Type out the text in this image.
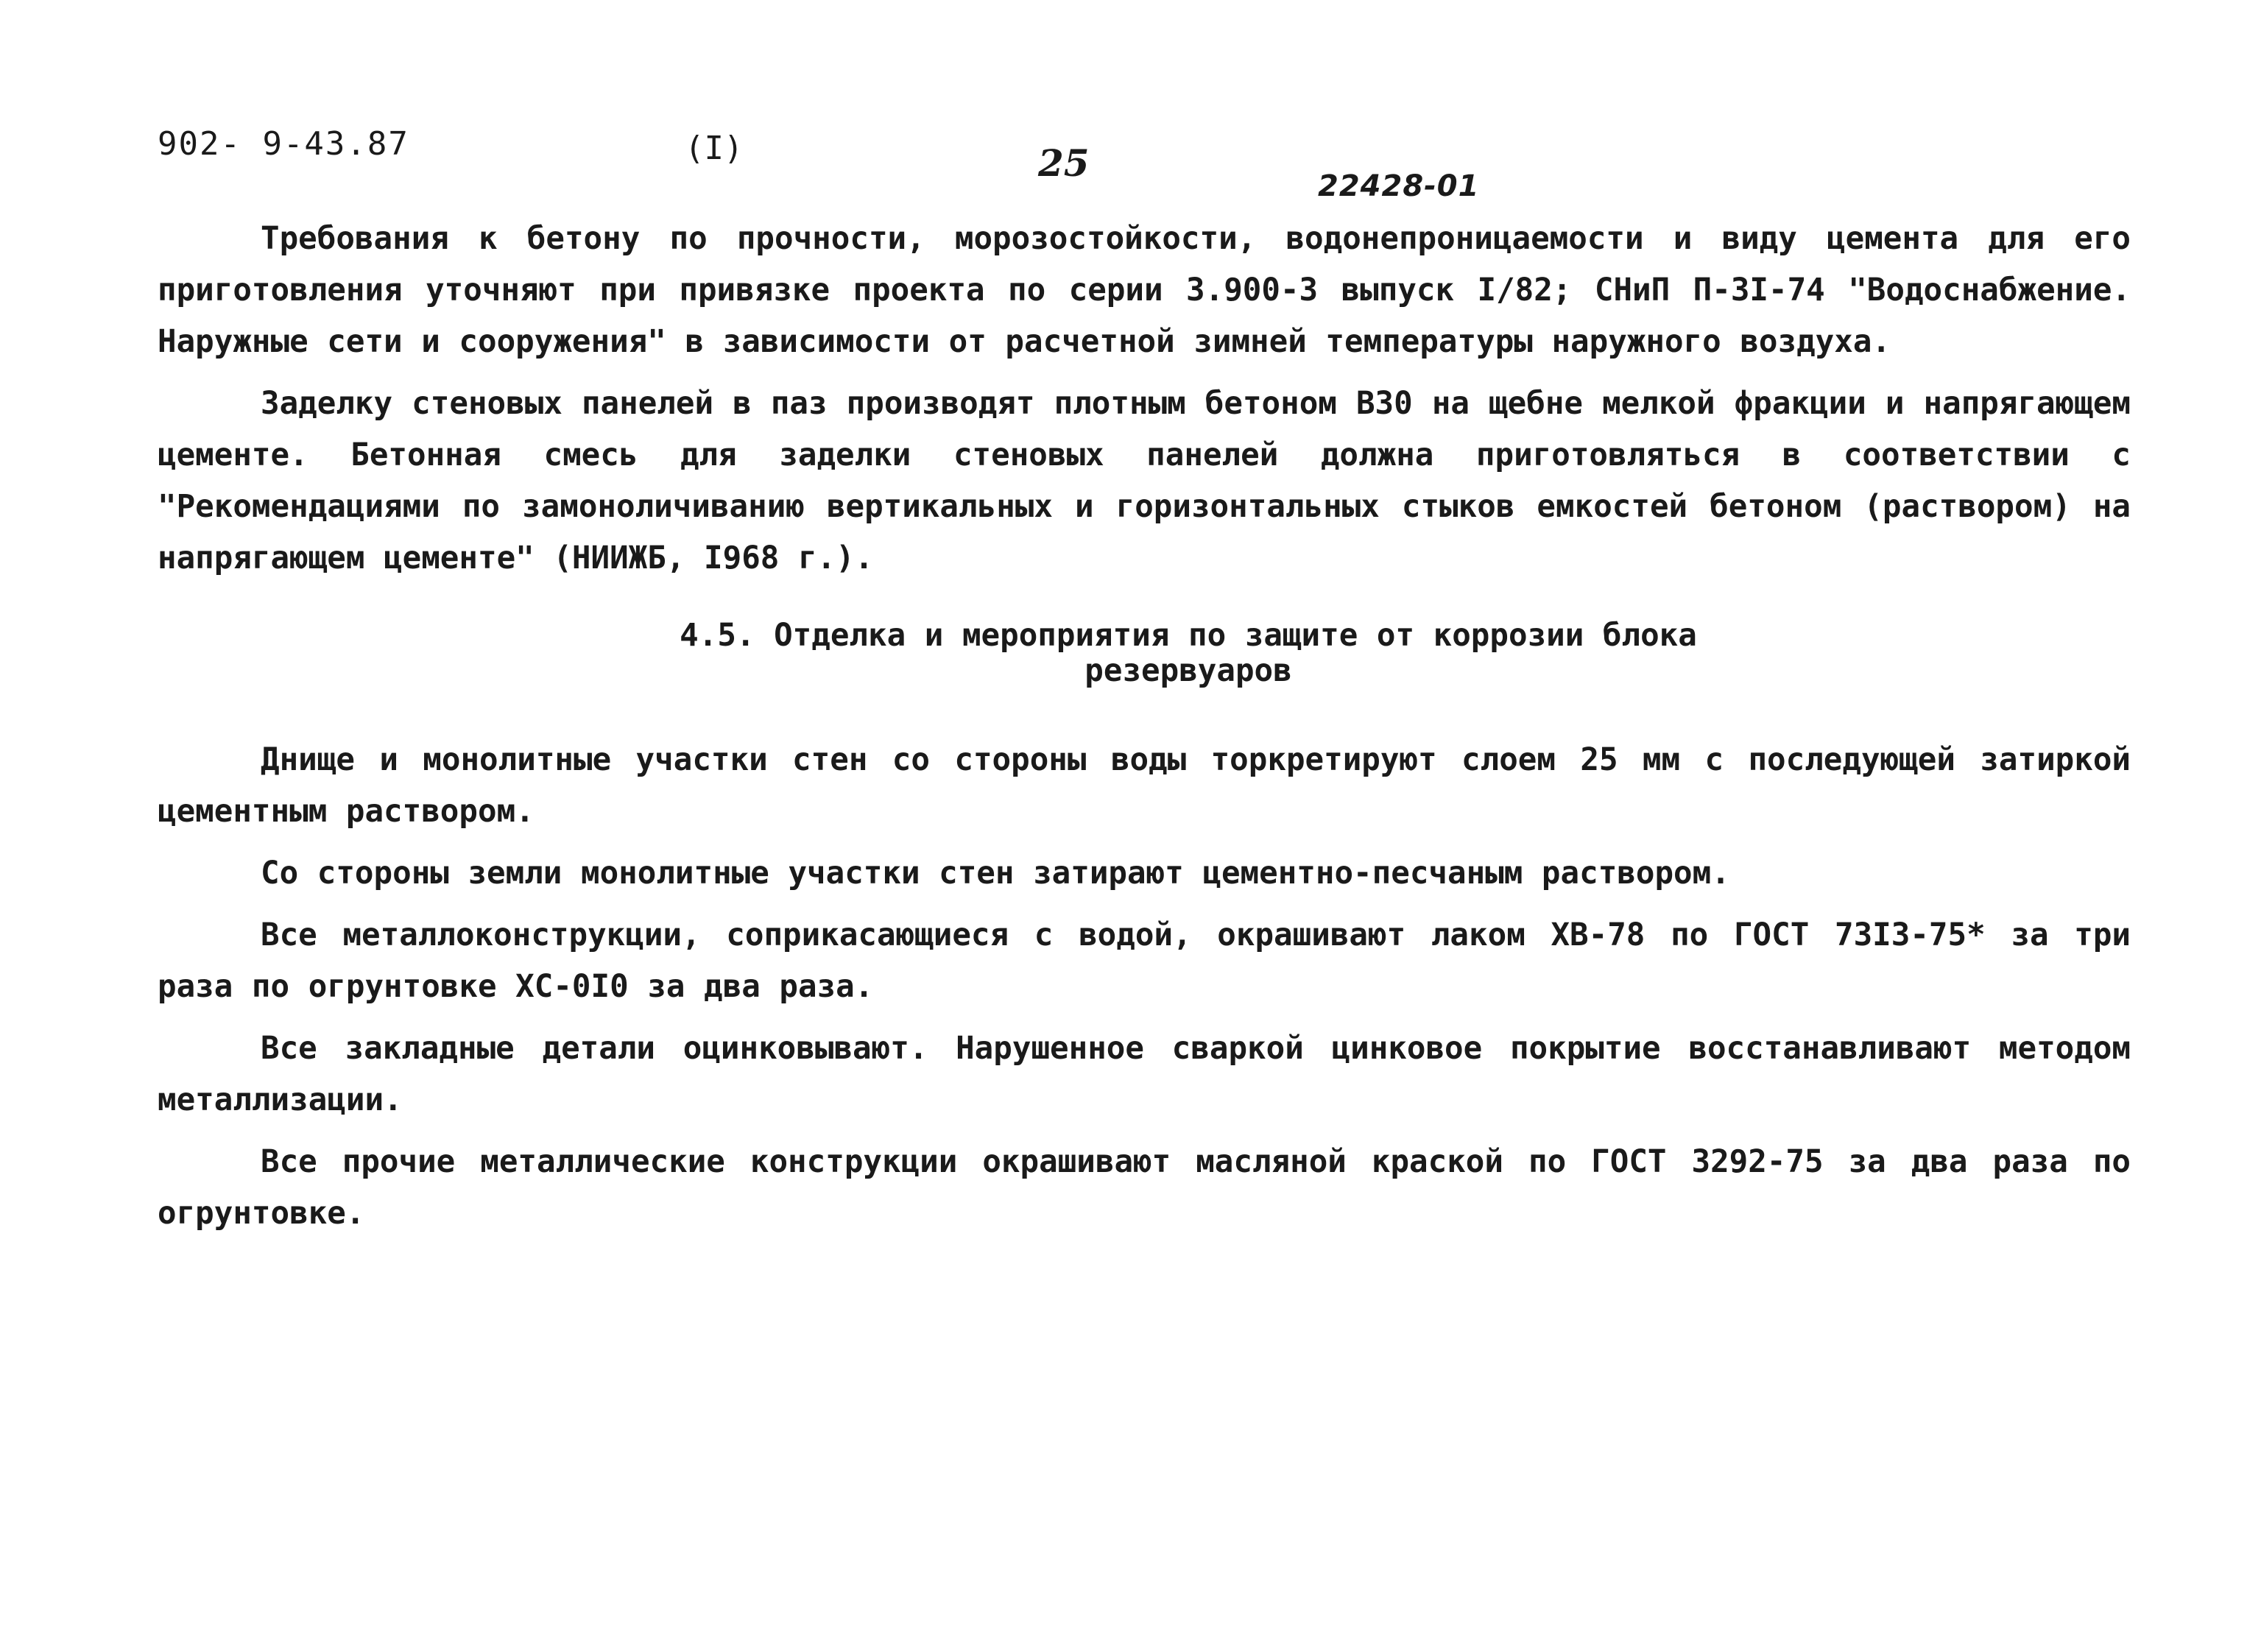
902- 9-43.87	(I)	25
22428-01

Требования к бетону по прочности, морозостойкости, водонепроницаемости и виду цемента для его приготовления уточняют при привязке проекта по серии 3.900-3 выпуск I/82; СНиП П-3I-74 "Водоснабжение. Наружные сети и сооружения" в зависимости от расчетной зимней температуры наружного воздуха.

Заделку стеновых панелей в паз производят плотным бетоном В30 на щебне мелкой фракции и напрягающем цементе. Бетонная смесь для заделки стеновых панелей должна приготовляться в соответствии с "Рекомендациями по замоноличиванию вертикальных и горизонтальных стыков емкостей бетоном (раствором) на напрягающем цементе" (НИИЖБ, I968 г.).

4.5. Отделка и мероприятия по защите от коррозии блока
резервуаров

Днище и монолитные участки стен со стороны воды торкретируют слоем 25 мм с последующей затиркой цементным раствором.

Со стороны земли монолитные участки стен затирают цементно-песчаным раствором.

Все металлоконструкции, соприкасающиеся с водой, окрашивают лаком ХВ-78 по ГОСТ 73I3-75* за три раза по огрунтовке ХС-0I0 за два раза.

Все закладные детали оцинковывают. Нарушенное сваркой цинковое покрытие восстанавливают методом металлизации.

Все прочие металлические конструкции окрашивают масляной краской по ГОСТ 3292-75 за два раза по огрунтовке.
